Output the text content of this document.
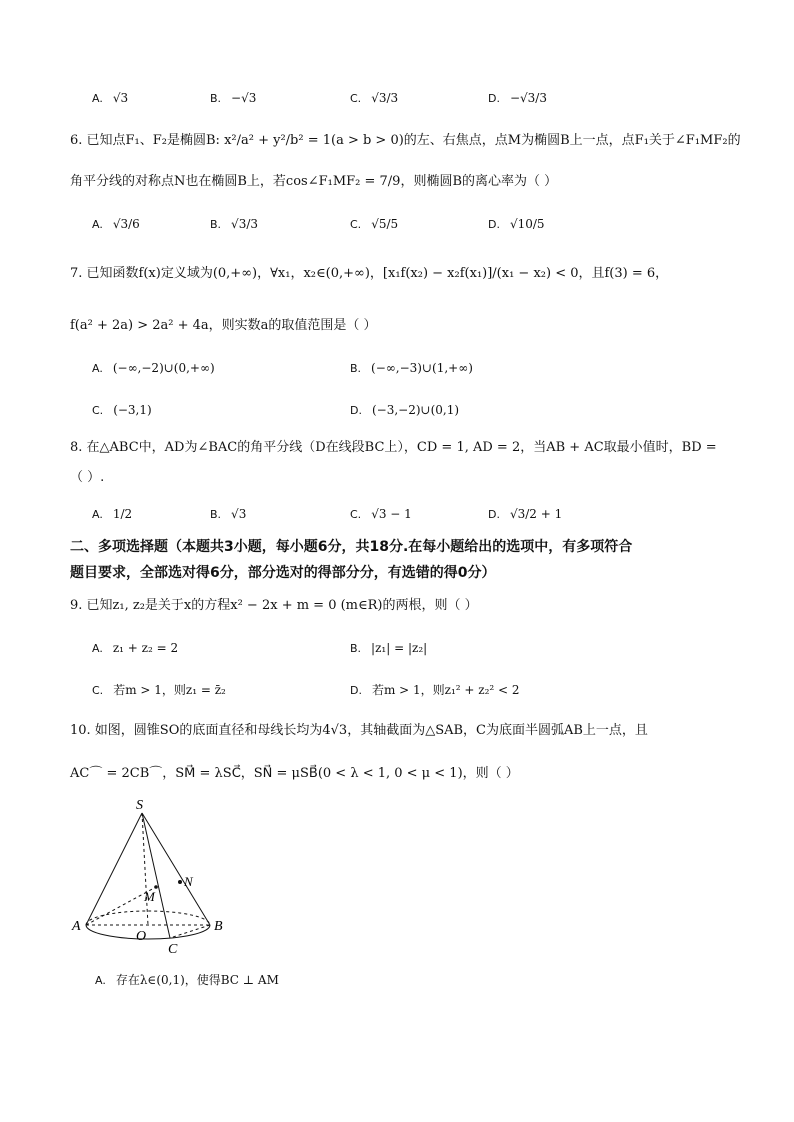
A. √3	B. −√3	C. √3/3	D. −√3/3
6. 已知点F₁、F₂是椭圆B: x²/a² + y²/b² = 1(a > b > 0)的左、右焦点，点M为椭圆B上一点，点F₁关于∠F₁MF₂的
角平分线的对称点N也在椭圆B上，若cos∠F₁MF₂ = 7/9，则椭圆B的离心率为（ ）
A. √3/6	B. √3/3	C. √5/5	D. √10/5
7. 已知函数f(x)定义域为(0,+∞)，∀x₁，x₂∈(0,+∞)，[x₁f(x₂) − x₂f(x₁)]/(x₁ − x₂) < 0，且f(3) = 6，
f(a² + 2a) > 2a² + 4a，则实数a的取值范围是（ ）
A. (−∞,−2)∪(0,+∞)	B. (−∞,−3)∪(1,+∞)
C. (−3,1)	D. (−3,−2)∪(0,1)
8. 在△ABC中，AD为∠BAC的角平分线（D在线段BC上），CD = 1, AD = 2，当AB + AC取最小值时，BD =
（ ）.
A. 1/2	B. √3	C. √3 − 1	D. √3/2 + 1
二、多项选择题（本题共3小题，每小题6分，共18分.在每小题给出的选项中，有多项符合
题目要求，全部选对得6分，部分选对的得部分分，有选错的得0分）
9. 已知z₁, z₂是关于x的方程x² − 2x + m = 0 (m∈R)的两根，则（ ）
A. z₁ + z₂ = 2	B. |z₁| = |z₂|
C. 若m > 1，则z₁ = z̄₂	D. 若m > 1，则z₁² + z₂² < 2
10. 如图，圆锥SO的底面直径和母线长均为4√3，其轴截面为△SAB，C为底面半圆弧AB上一点，且
AC⌒ = 2CB⌒，SM⃗ = λSC⃗，SN⃗ = μSB⃗(0 < λ < 1, 0 < μ < 1)，则（ ）
S
N
M
A
O
B
C
A. 存在λ∈(0,1)，使得BC ⊥ AM
